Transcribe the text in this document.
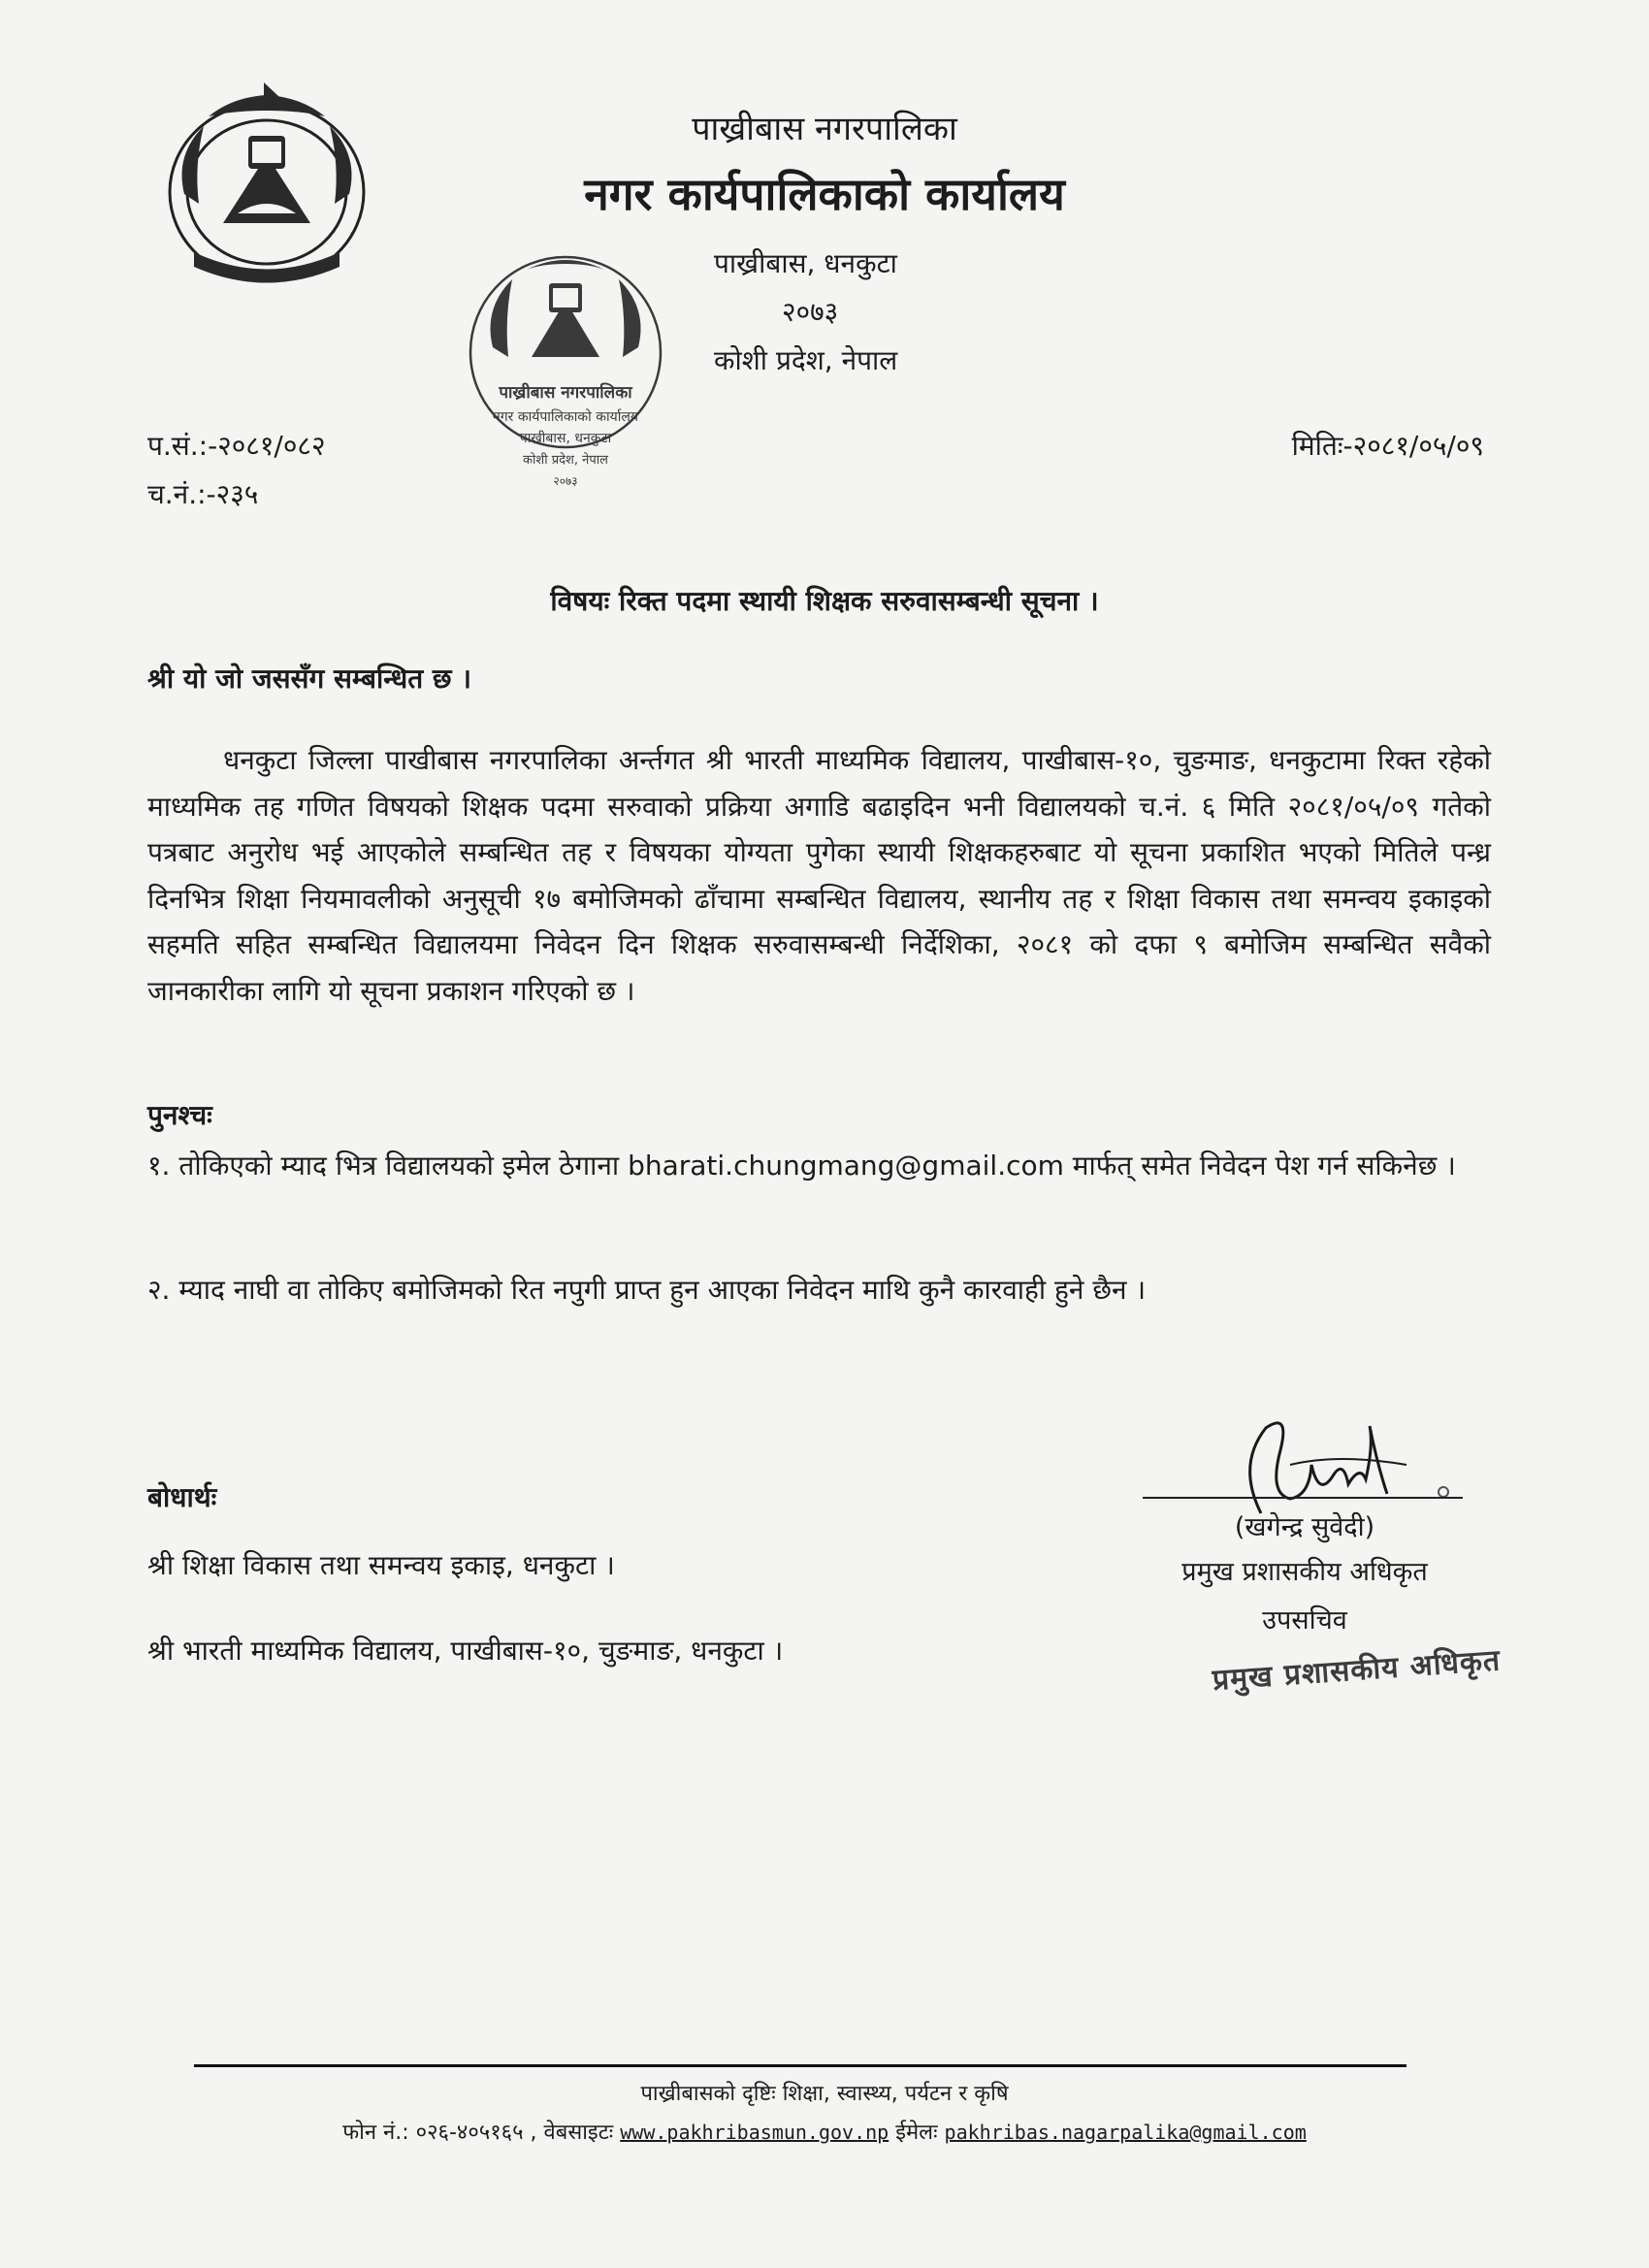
पाख्रीबास नगरपालिका
नगर कार्यपालिकाको कार्यालय
पाख्रीबास, धनकुटा
कोशी प्रदेश, नेपाल
२०७३
पाख्रीबास नगरपालिका
नगर कार्यपालिकाको कार्यालय
पाख्रीबास, धनकुटा
२०७३
कोशी प्रदेश, नेपाल
प.सं.:-२०८१/०८२
च.नं.:-२३५
मितिः-२०८१/०५/०९
विषयः रिक्त पदमा स्थायी शिक्षक सरुवासम्बन्धी सूचना ।
श्री यो जो जससँग सम्बन्धित छ ।
धनकुटा जिल्ला पाखीबास नगरपालिका अर्न्तगत श्री भारती माध्यमिक विद्यालय, पाखीबास-१०, चुङमाङ, धनकुटामा रिक्त रहेको माध्यमिक तह गणित विषयको शिक्षक पदमा सरुवाको प्रक्रिया अगाडि बढाइदिन भनी विद्यालयको च.नं. ६ मिति २०८१/०५/०९ गतेको पत्रबाट अनुरोध भई आएकोले सम्बन्धित तह र विषयका योग्यता पुगेका स्थायी शिक्षकहरुबाट यो सूचना प्रकाशित भएको मितिले पन्ध्र दिनभित्र शिक्षा नियमावलीको अनुसूची १७ बमोजिमको ढाँचामा सम्बन्धित विद्यालय, स्थानीय तह र शिक्षा विकास तथा समन्वय इकाइको सहमति सहित सम्बन्धित विद्यालयमा निवेदन दिन शिक्षक सरुवासम्बन्धी निर्देशिका, २०८१ को दफा ९ बमोजिम सम्बन्धित सवैको जानकारीका लागि यो सूचना प्रकाशन गरिएको छ ।
पुनश्चः
१. तोकिएको म्याद भित्र विद्यालयको इमेल ठेगाना bharati.chungmang@gmail.com मार्फत् समेत निवेदन पेश गर्न सकिनेछ ।
२. म्याद नाघी वा तोकिए बमोजिमको रित नपुगी प्राप्त हुन आएका निवेदन माथि कुनै कारवाही हुने छैन ।
बोधार्थः
श्री शिक्षा विकास तथा समन्वय इकाइ, धनकुटा ।
श्री भारती माध्यमिक विद्यालय, पाखीबास-१०, चुङमाङ, धनकुटा ।
(खगेन्द्र सुवेदी)
प्रमुख प्रशासकीय अधिकृत
उपसचिव
प्रमुख प्रशासकीय अधिकृत
पाख्रीबासको दृष्टिः शिक्षा, स्वास्थ्य, पर्यटन र कृषि
फोन नं.: ०२६-४०५१६५ , वेबसाइटः www.pakhribasmun.gov.np ईमेलः pakhribas.nagarpalika@gmail.com
